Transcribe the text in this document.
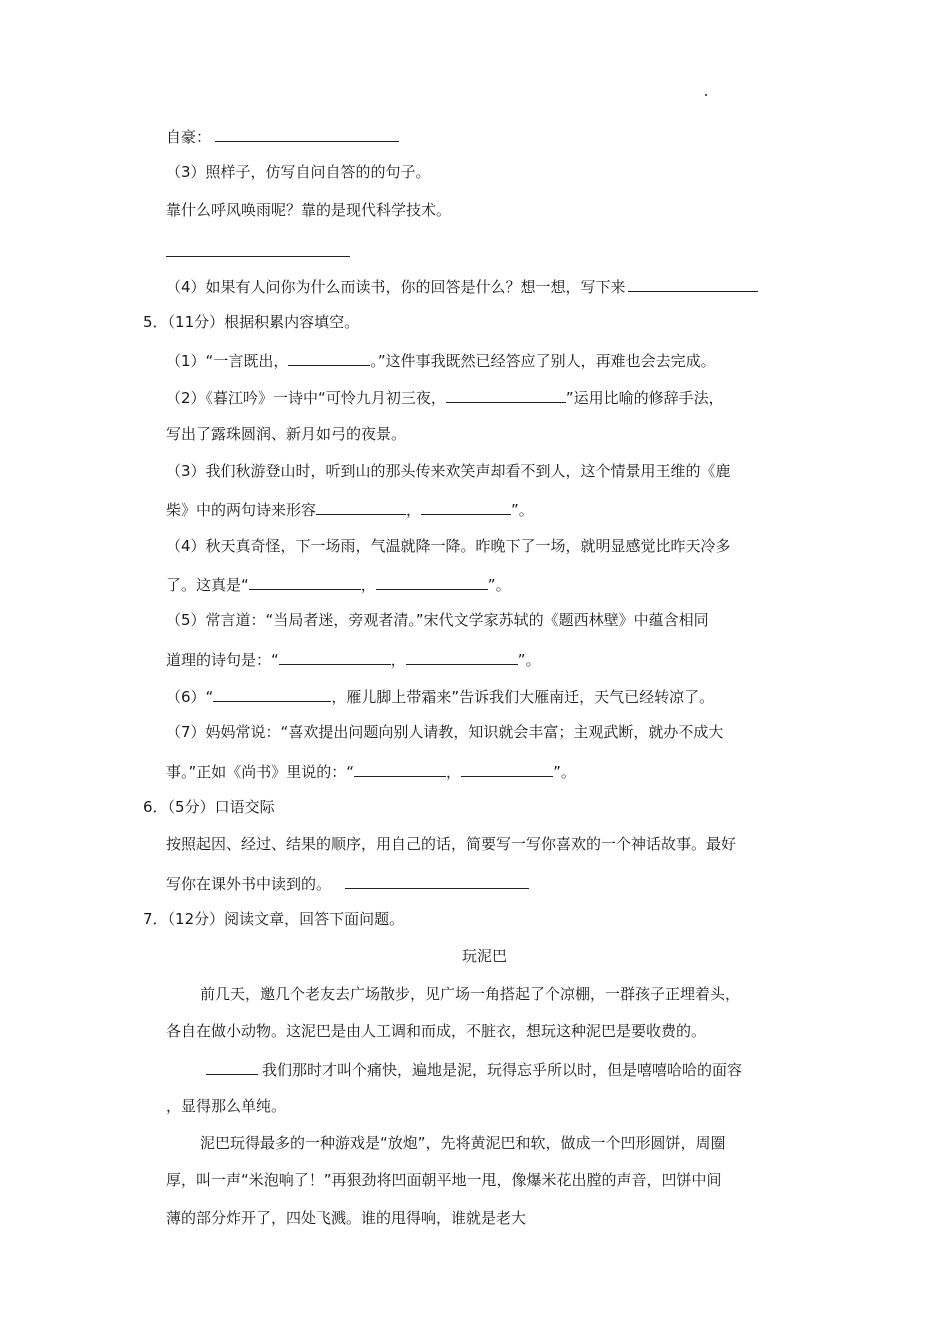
自豪：
（3）照样子，仿写自问自答的的句子。
靠什么呼风唤雨呢？靠的是现代科学技术。
（4）如果有人问你为什么而读书，你的回答是什么？想一想，写下来
5．（11分）根据积累内容填空。
（1）“一言既出，	。”这件事我既然已经答应了别人，再难也会去完成。
（2）《暮江吟》一诗中“可怜九月初三夜，	”运用比喻的修辞手法，
写出了露珠圆润、新月如弓的夜景。
（3）我们秋游登山时，听到山的那头传来欢笑声却看不到人，这个情景用王维的《鹿
柴》中的两句诗来形容	，	”。
（4）秋天真奇怪，下一场雨，气温就降一降。昨晚下了一场，就明显感觉比昨天冷多
了。这真是“	，	”。
（5）常言道：“当局者迷，旁观者清。”宋代文学家苏轼的《题西林壁》中蕴含相同
道理的诗句是：“	，	”。
（6）“	，雁儿脚上带霜来”告诉我们大雁南迁，天气已经转凉了。
（7）妈妈常说：“喜欢提出问题向别人请教，知识就会丰富；主观武断，就办不成大
事。”正如《尚书》里说的：“	，	”。
6．（5分）口语交际
按照起因、经过、结果的顺序，用自己的话，简要写一写你喜欢的一个神话故事。最好
写你在课外书中读到的。
7．（12分）阅读文章，回答下面问题。
玩泥巴
前几天，邀几个老友去广场散步，见广场一角搭起了个凉棚，一群孩子正埋着头，
各自在做小动物。这泥巴是由人工调和而成，不脏衣，想玩这种泥巴是要收费的。
我们那时才叫个痛快，遍地是泥，玩得忘乎所以时，但是嘻嘻哈哈的面容
，显得那么单纯。
泥巴玩得最多的一种游戏是“放炮”，先将黄泥巴和软，做成一个凹形圆饼，周圈
厚，叫一声“米泡响了！”再狠劲将凹面朝平地一甩，像爆米花出膛的声音，凹饼中间
薄的部分炸开了，四处飞溅。谁的甩得响，谁就是老大
